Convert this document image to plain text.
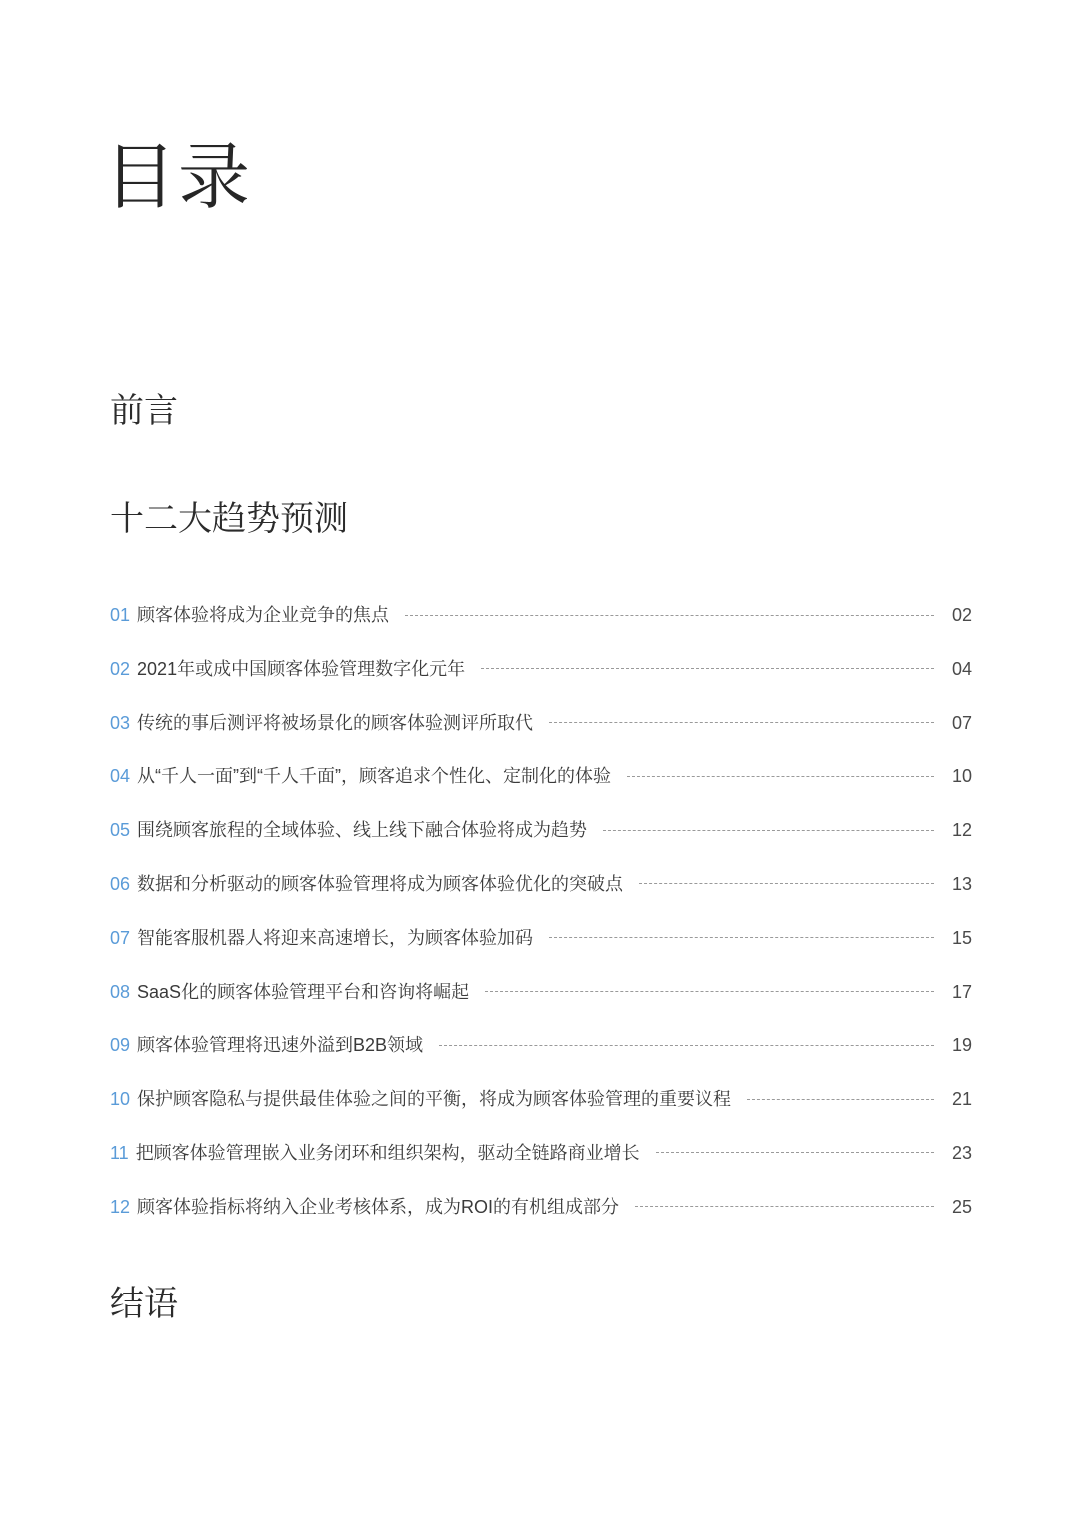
目录
前言
十二大趋势预测
01 顾客体验将成为企业竞争的焦点	02
02 2021年或成中国顾客体验管理数字化元年	04
03 传统的事后测评将被场景化的顾客体验测评所取代	07
04 从“千人一面”到“千人千面”，顾客追求个性化、定制化的体验	10
05 围绕顾客旅程的全域体验、线上线下融合体验将成为趋势	12
06 数据和分析驱动的顾客体验管理将成为顾客体验优化的突破点	13
07 智能客服机器人将迎来高速增长，为顾客体验加码	15
08 SaaS化的顾客体验管理平台和咨询将崛起	17
09 顾客体验管理将迅速外溢到B2B领域	19
10 保护顾客隐私与提供最佳体验之间的平衡，将成为顾客体验管理的重要议程	21
11 把顾客体验管理嵌入业务闭环和组织架构，驱动全链路商业增长	23
12 顾客体验指标将纳入企业考核体系，成为ROI的有机组成部分	25
结语
